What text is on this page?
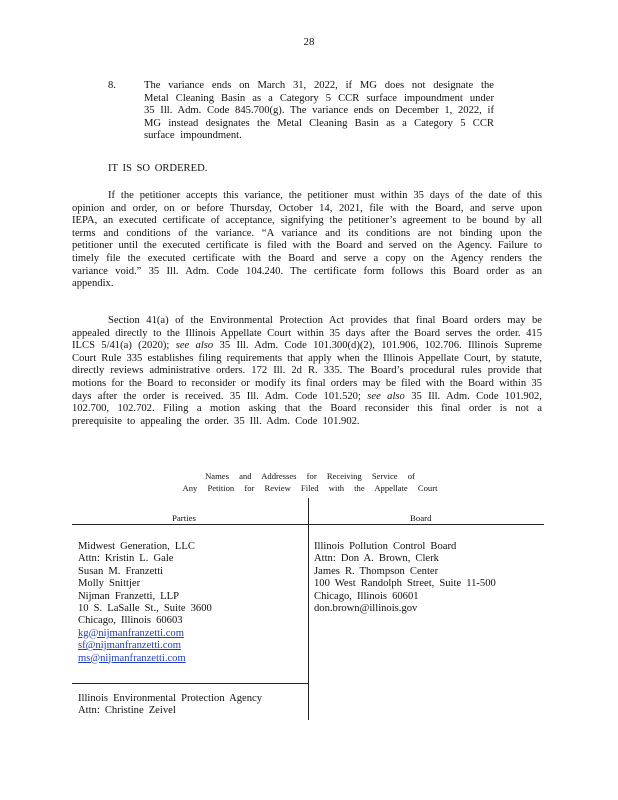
28
8.	The variance ends on March 31, 2022, if MG does not designate the Metal Cleaning Basin as a Category 5 CCR surface impoundment under 35 Ill. Adm. Code 845.700(g). The variance ends on December 1, 2022, if MG instead designates the Metal Cleaning Basin as a Category 5 CCR surface impoundment.
IT IS SO ORDERED.
If the petitioner accepts this variance, the petitioner must within 35 days of the date of this opinion and order, on or before Thursday, October 14, 2021, file with the Board, and serve upon IEPA, an executed certificate of acceptance, signifying the petitioner’s agreement to be bound by all terms and conditions of the variance. “A variance and its conditions are not binding upon the petitioner until the executed certificate is filed with the Board and served on the Agency. Failure to timely file the executed certificate with the Board and serve a copy on the Agency renders the variance void.” 35 Ill. Adm. Code 104.240. The certificate form follows this Board order as an appendix.
Section 41(a) of the Environmental Protection Act provides that final Board orders may be appealed directly to the Illinois Appellate Court within 35 days after the Board serves the order. 415 ILCS 5/41(a) (2020); see also 35 Ill. Adm. Code 101.300(d)(2), 101.906, 102.706. Illinois Supreme Court Rule 335 establishes filing requirements that apply when the Illinois Appellate Court, by statute, directly reviews administrative orders. 172 Ill. 2d R. 335. The Board’s procedural rules provide that motions for the Board to reconsider or modify its final orders may be filed with the Board within 35 days after the order is received. 35 Ill. Adm. Code 101.520; see also 35 Ill. Adm. Code 101.902, 102.700, 102.702. Filing a motion asking that the Board reconsider this final order is not a prerequisite to appealing the order. 35 Ill. Adm. Code 101.902.
Names and Addresses for Receiving Service of
Any Petition for Review Filed with the Appellate Court
Parties	Board
Midwest Generation, LLC
Attn: Kristin L. Gale
Susan M. Franzetti
Molly Snittjer
Nijman Franzetti, LLP
10 S. LaSalle St., Suite 3600
Chicago, Illinois 60603
kg@nijmanfranzetti.com
sf@nijmanfranzetti.com
ms@nijmanfranzetti.com
Illinois Environmental Protection Agency
Attn: Christine Zeivel
Illinois Pollution Control Board
Attn: Don A. Brown, Clerk
James R. Thompson Center
100 West Randolph Street, Suite 11-500
Chicago, Illinois 60601
don.brown@illinois.gov
